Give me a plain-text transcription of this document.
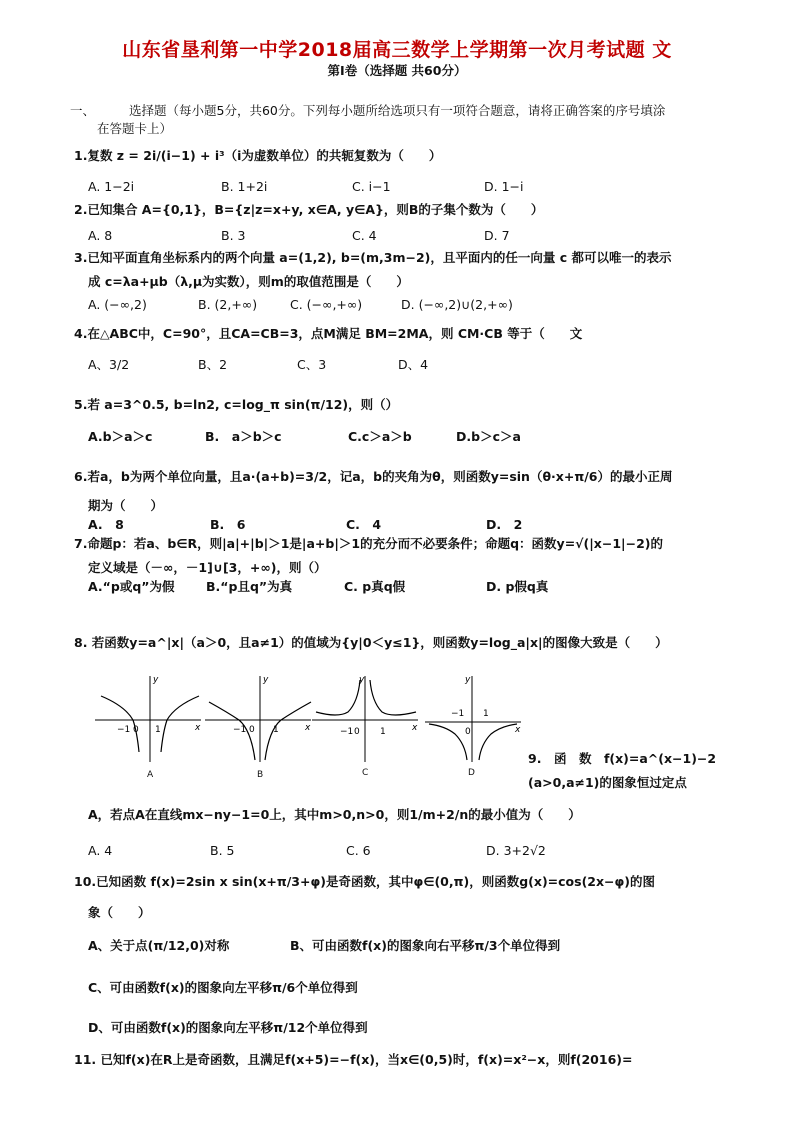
山东省垦利第一中学2018届高三数学上学期第一次月考试题 文
第Ⅰ卷（选择题 共60分）
一、	选择题（每小题5分，共60分。下列每小题所给选项只有一项符合题意，请将正确答案的序号填涂
在答题卡上）
1.复数 z = 2i/(i−1) + i³（i为虚数单位）的共轭复数为（　　）
A. 1−2i	B. 1+2i	C. i−1	D. 1−i
2.已知集合 A={0,1}，B={z|z=x+y, x∈A, y∈A}，则B的子集个数为（　　）
A. 8	B. 3	C. 4	D. 7
3.已知平面直角坐标系内的两个向量 a=(1,2), b=(m,3m−2)，且平面内的任一向量 c 都可以唯一的表示
成 c=λa+μb（λ,μ为实数），则m的取值范围是（　　）
A. (−∞,2)	B. (2,+∞)	C. (−∞,+∞)	D. (−∞,2)∪(2,+∞)
4.在△ABC中，C=90°，且CA=CB=3，点M满足 BM=2MA，则 CM·CB 等于（　　文
A、3/2	B、2	C、3	D、4
5.若 a=3^0.5, b=ln2, c=log_π sin(π/12)，则（）
A.b＞a＞c	B.　a＞b＞c	C.c＞a＞b	D.b＞c＞a
6.若a，b为两个单位向量，且a·(a+b)=3/2，记a，b的夹角为θ，则函数y=sin（θ·x+π/6）的最小正周
期为（　　）
A.　8	B.　6	C.　4	D.　2
7.命题p：若a、b∈R，则|a|+|b|＞1是|a+b|＞1的充分而不必要条件；命题q：函数y=√(|x−1|−2)的
定义域是（－∞，－1]∪[3，+∞)，则（）
A.“p或q”为假	B.“p且q”为真	C. p真q假	D. p假q真
8. 若函数y=a^|x|（a＞0，且a≠1）的值域为{y|0＜y≤1}，则函数y=log_a|x|的图像大致是（　　）
−1 0 1
y
x
A
−1 0 1
y
x
B
−1 0 1
y
x
C
−1
0
1
y
x
D
9.　函　数　f(x)=a^(x−1)−2
(a>0,a≠1)的图象恒过定点
A，若点A在直线mx−ny−1=0上，其中m>0,n>0，则1/m+2/n的最小值为（　　）
A. 4	B. 5	C. 6	D. 3+2√2
10.已知函数 f(x)=2sin x sin(x+π/3+φ)是奇函数，其中φ∈(0,π)，则函数g(x)=cos(2x−φ)的图
象（　　）
A、关于点(π/12,0)对称	B、可由函数f(x)的图象向右平移π/3个单位得到
C、可由函数f(x)的图象向左平移π/6个单位得到
D、可由函数f(x)的图象向左平移π/12个单位得到
11. 已知f(x)在R上是奇函数，且满足f(x+5)=−f(x)，当x∈(0,5)时，f(x)=x²−x，则f(2016)=
